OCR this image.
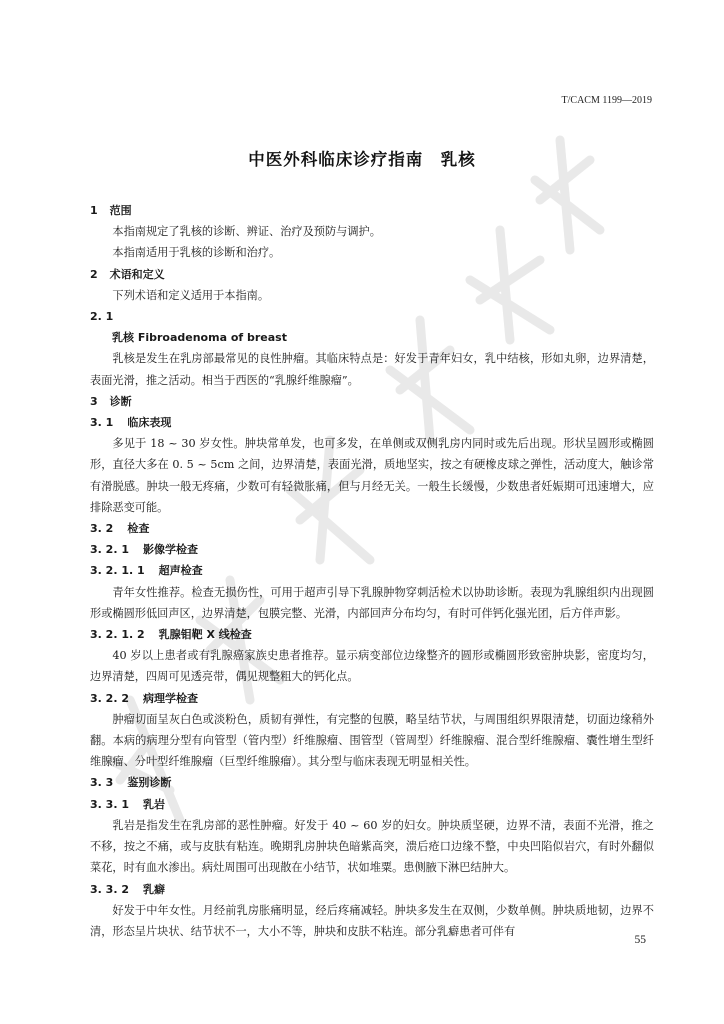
T/CACM 1199—2019
中医外科临床诊疗指南　乳核
1 范围

本指南规定了乳核的诊断、辨证、治疗及预防与调护。

本指南适用于乳核的诊断和治疗。

2 术语和定义

下列术语和定义适用于本指南。

2. 1
乳核 Fibroadenoma of breast

乳核是发生在乳房部最常见的良性肿瘤。其临床特点是：好发于青年妇女，乳中结核，形如丸卵，边界清楚，表面光滑，推之活动。相当于西医的“乳腺纤维腺瘤”。

3 诊断
3. 1 临床表现

多见于 18 ~ 30 岁女性。肿块常单发，也可多发，在单侧或双侧乳房内同时或先后出现。形状呈圆形或椭圆形，直径大多在 0. 5 ~ 5cm 之间，边界清楚，表面光滑，质地坚实，按之有硬橡皮球之弹性，活动度大，触诊常有滑脱感。肿块一般无疼痛，少数可有轻微胀痛，但与月经无关。一般生长缓慢，少数患者妊娠期可迅速增大，应排除恶变可能。

3. 2 检查
3. 2. 1 影像学检查
3. 2. 1. 1 超声检查

青年女性推荐。检查无损伤性，可用于超声引导下乳腺肿物穿刺活检术以协助诊断。表现为乳腺组织内出现圆形或椭圆形低回声区，边界清楚，包膜完整、光滑，内部回声分布均匀，有时可伴钙化强光团，后方伴声影。

3. 2. 1. 2 乳腺钼靶 X 线检查

40 岁以上患者或有乳腺癌家族史患者推荐。显示病变部位边缘整齐的圆形或椭圆形致密肿块影，密度均匀，边界清楚，四周可见透亮带，偶见规整粗大的钙化点。

3. 2. 2 病理学检查

肿瘤切面呈灰白色或淡粉色，质韧有弹性，有完整的包膜，略呈结节状，与周围组织界限清楚，切面边缘稍外翻。本病的病理分型有向管型（管内型）纤维腺瘤、围管型（管周型）纤维腺瘤、混合型纤维腺瘤、囊性增生型纤维腺瘤、分叶型纤维腺瘤（巨型纤维腺瘤）。其分型与临床表现无明显相关性。

3. 3 鉴别诊断
3. 3. 1 乳岩

乳岩是指发生在乳房部的恶性肿瘤。好发于 40 ~ 60 岁的妇女。肿块质坚硬，边界不清，表面不光滑，推之不移，按之不痛，或与皮肤有粘连。晚期乳房肿块色暗紫高突，溃后疮口边缘不整，中央凹陷似岩穴，有时外翻似菜花，时有血水渗出。病灶周围可出现散在小结节，状如堆粟。患侧腋下淋巴结肿大。

3. 3. 2 乳癖

好发于中年女性。月经前乳房胀痛明显，经后疼痛减轻。肿块多发生在双侧，少数单侧。肿块质地韧，边界不清，形态呈片块状、结节状不一，大小不等，肿块和皮肤不粘连。部分乳癖患者可伴有

55
